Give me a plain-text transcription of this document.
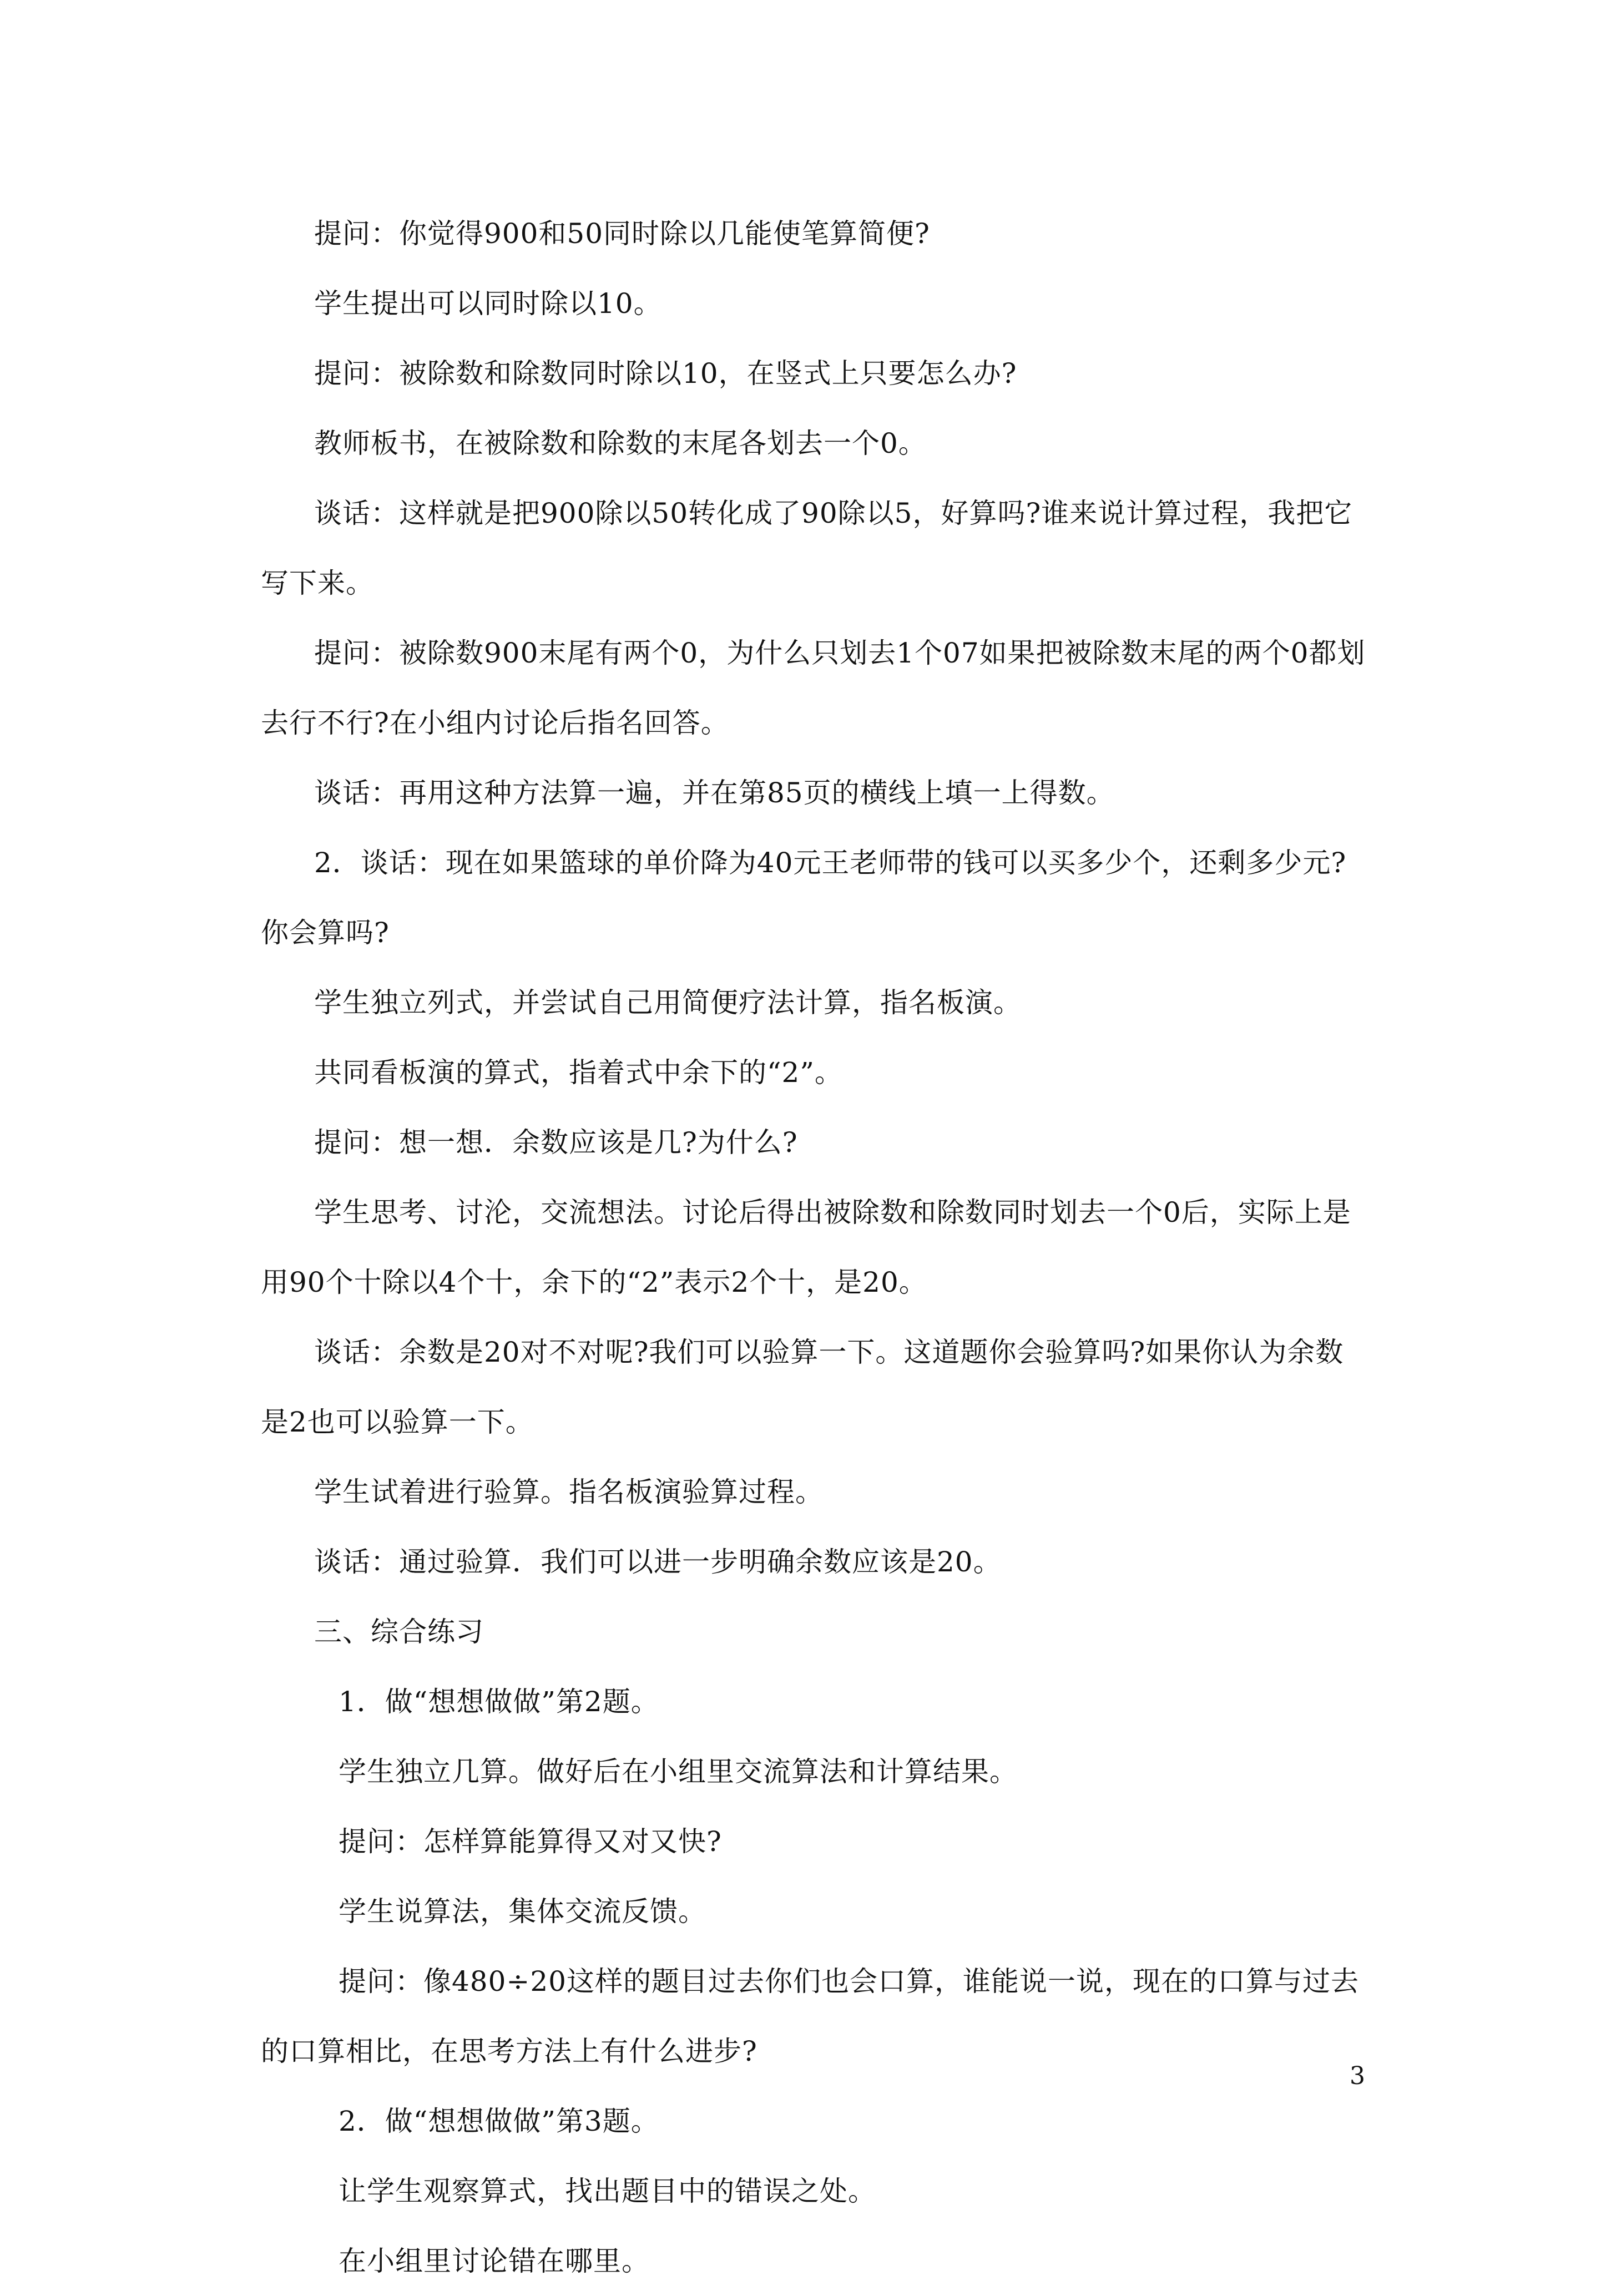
提问：你觉得900和50同时除以几能使笔算简便?

学生提出可以同时除以10。

提问：被除数和除数同时除以10，在竖式上只要怎么办?

教师板书，在被除数和除数的末尾各划去一个0。

谈话：这样就是把900除以50转化成了90除以5，好算吗?谁来说计算过程，我把它写下来。

提问：被除数900末尾有两个0，为什么只划去1个07如果把被除数末尾的两个0都划去行不行?在小组内讨论后指名回答。

谈话：再用这种方法算一遍，并在第85页的横线上填一上得数。

2．谈话：现在如果篮球的单价降为40元王老师带的钱可以买多少个，还剩多少元?你会算吗?

学生独立列式，并尝试自己用简便疗法计算，指名板演。

共同看板演的算式，指着式中余下的“2”。

提问：想一想．余数应该是几?为什么?

学生思考、讨沦，交流想法。讨论后得出被除数和除数同时划去一个0后，实际上是用90个十除以4个十，余下的“2”表示2个十，是20。

谈话：余数是20对不对呢?我们可以验算一下。这道题你会验算吗?如果你认为余数是2也可以验算一下。

学生试着进行验算。指名板演验算过程。

谈话：通过验算．我们可以进一步明确余数应该是20。

三、综合练习

1．做“想想做做”第2题。

学生独立几算。做好后在小组里交流算法和计算结果。

提问：怎样算能算得又对又快?

学生说算法，集体交流反馈。

提问：像480÷20这样的题目过去你们也会口算，谁能说一说，现在的口算与过去的口算相比，在思考方法上有什么进步?

2．做“想想做做”第3题。

让学生观察算式，找出题目中的错误之处。

在小组里讨论错在哪里。

3
